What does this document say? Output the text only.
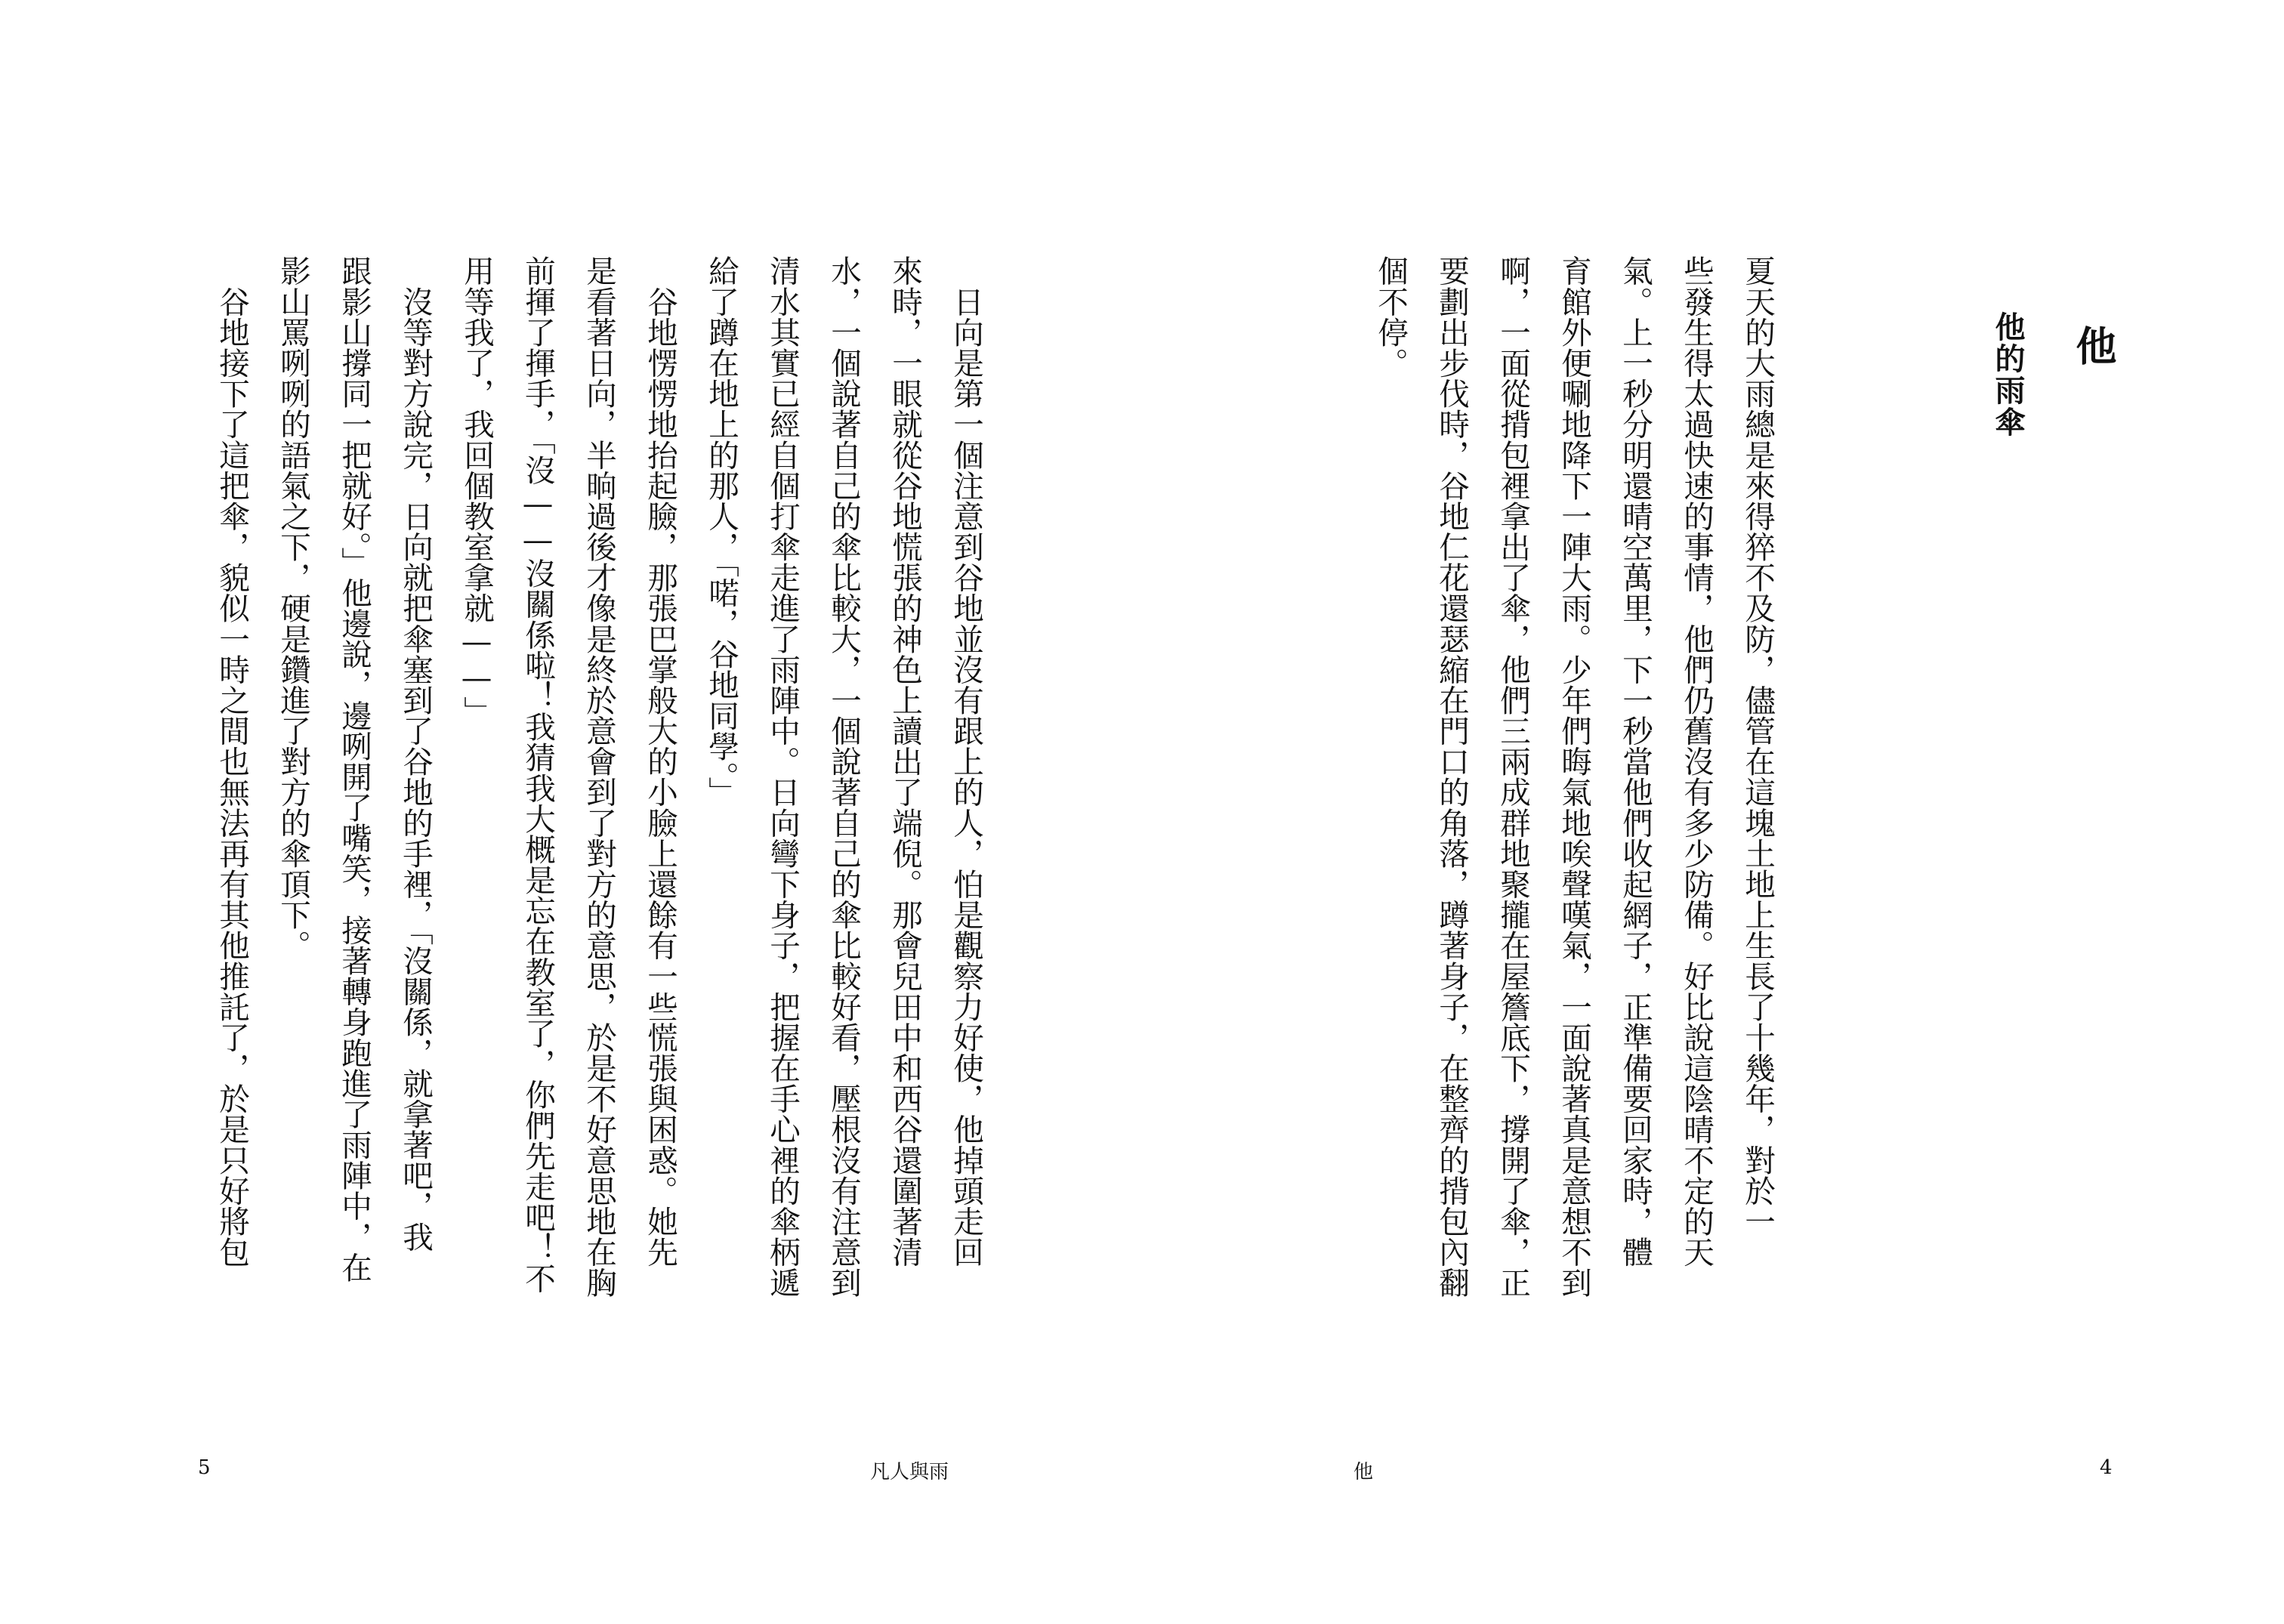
　日向是第一個注意到谷地並沒有跟上的人，怕是觀察力好使，他掉頭走回
來時，一眼就從谷地慌張的神色上讀出了端倪。那會兒田中和西谷還圍著清
水，一個說著自己的傘比較大，一個說著自己的傘比較好看，壓根沒有注意到
清水其實已經自個打傘走進了雨陣中。日向彎下身子，把握在手心裡的傘柄遞
給了蹲在地上的那人，「喏，谷地同學。」
　谷地愣愣地抬起臉，那張巴掌般大的小臉上還餘有一些慌張與困惑。她先
是看著日向，半晌過後才像是終於意會到了對方的意思，於是不好意思地在胸
前揮了揮手，「沒——沒關係啦！我猜我大概是忘在教室了，你們先走吧！不
用等我了，我回個教室拿就——」
　沒等對方說完，日向就把傘塞到了谷地的手裡，「沒關係，就拿著吧，我
跟影山撐同一把就好。」他邊說，邊咧開了嘴笑，接著轉身跑進了雨陣中，在
影山罵咧咧的語氣之下，硬是鑽進了對方的傘頂下。
　谷地接下了這把傘，貌似一時之間也無法再有其他推託了，於是只好將包

5	凡人與雨
他
他的雨傘

夏天的大雨總是來得猝不及防，儘管在這塊土地上生長了十幾年，對於一
些發生得太過快速的事情，他們仍舊沒有多少防備。好比說這陰晴不定的天
氣。上一秒分明還晴空萬里，下一秒當他們收起網子，正準備要回家時，體
育館外便唰地降下一陣大雨。少年們晦氣地唉聲嘆氣，一面說著真是意想不到
啊，一面從揹包裡拿出了傘，他們三兩成群地聚攏在屋簷底下，撐開了傘，正
要劃出步伐時，谷地仁花還瑟縮在門口的角落，蹲著身子，在整齊的揹包內翻
個不停。

他	4
